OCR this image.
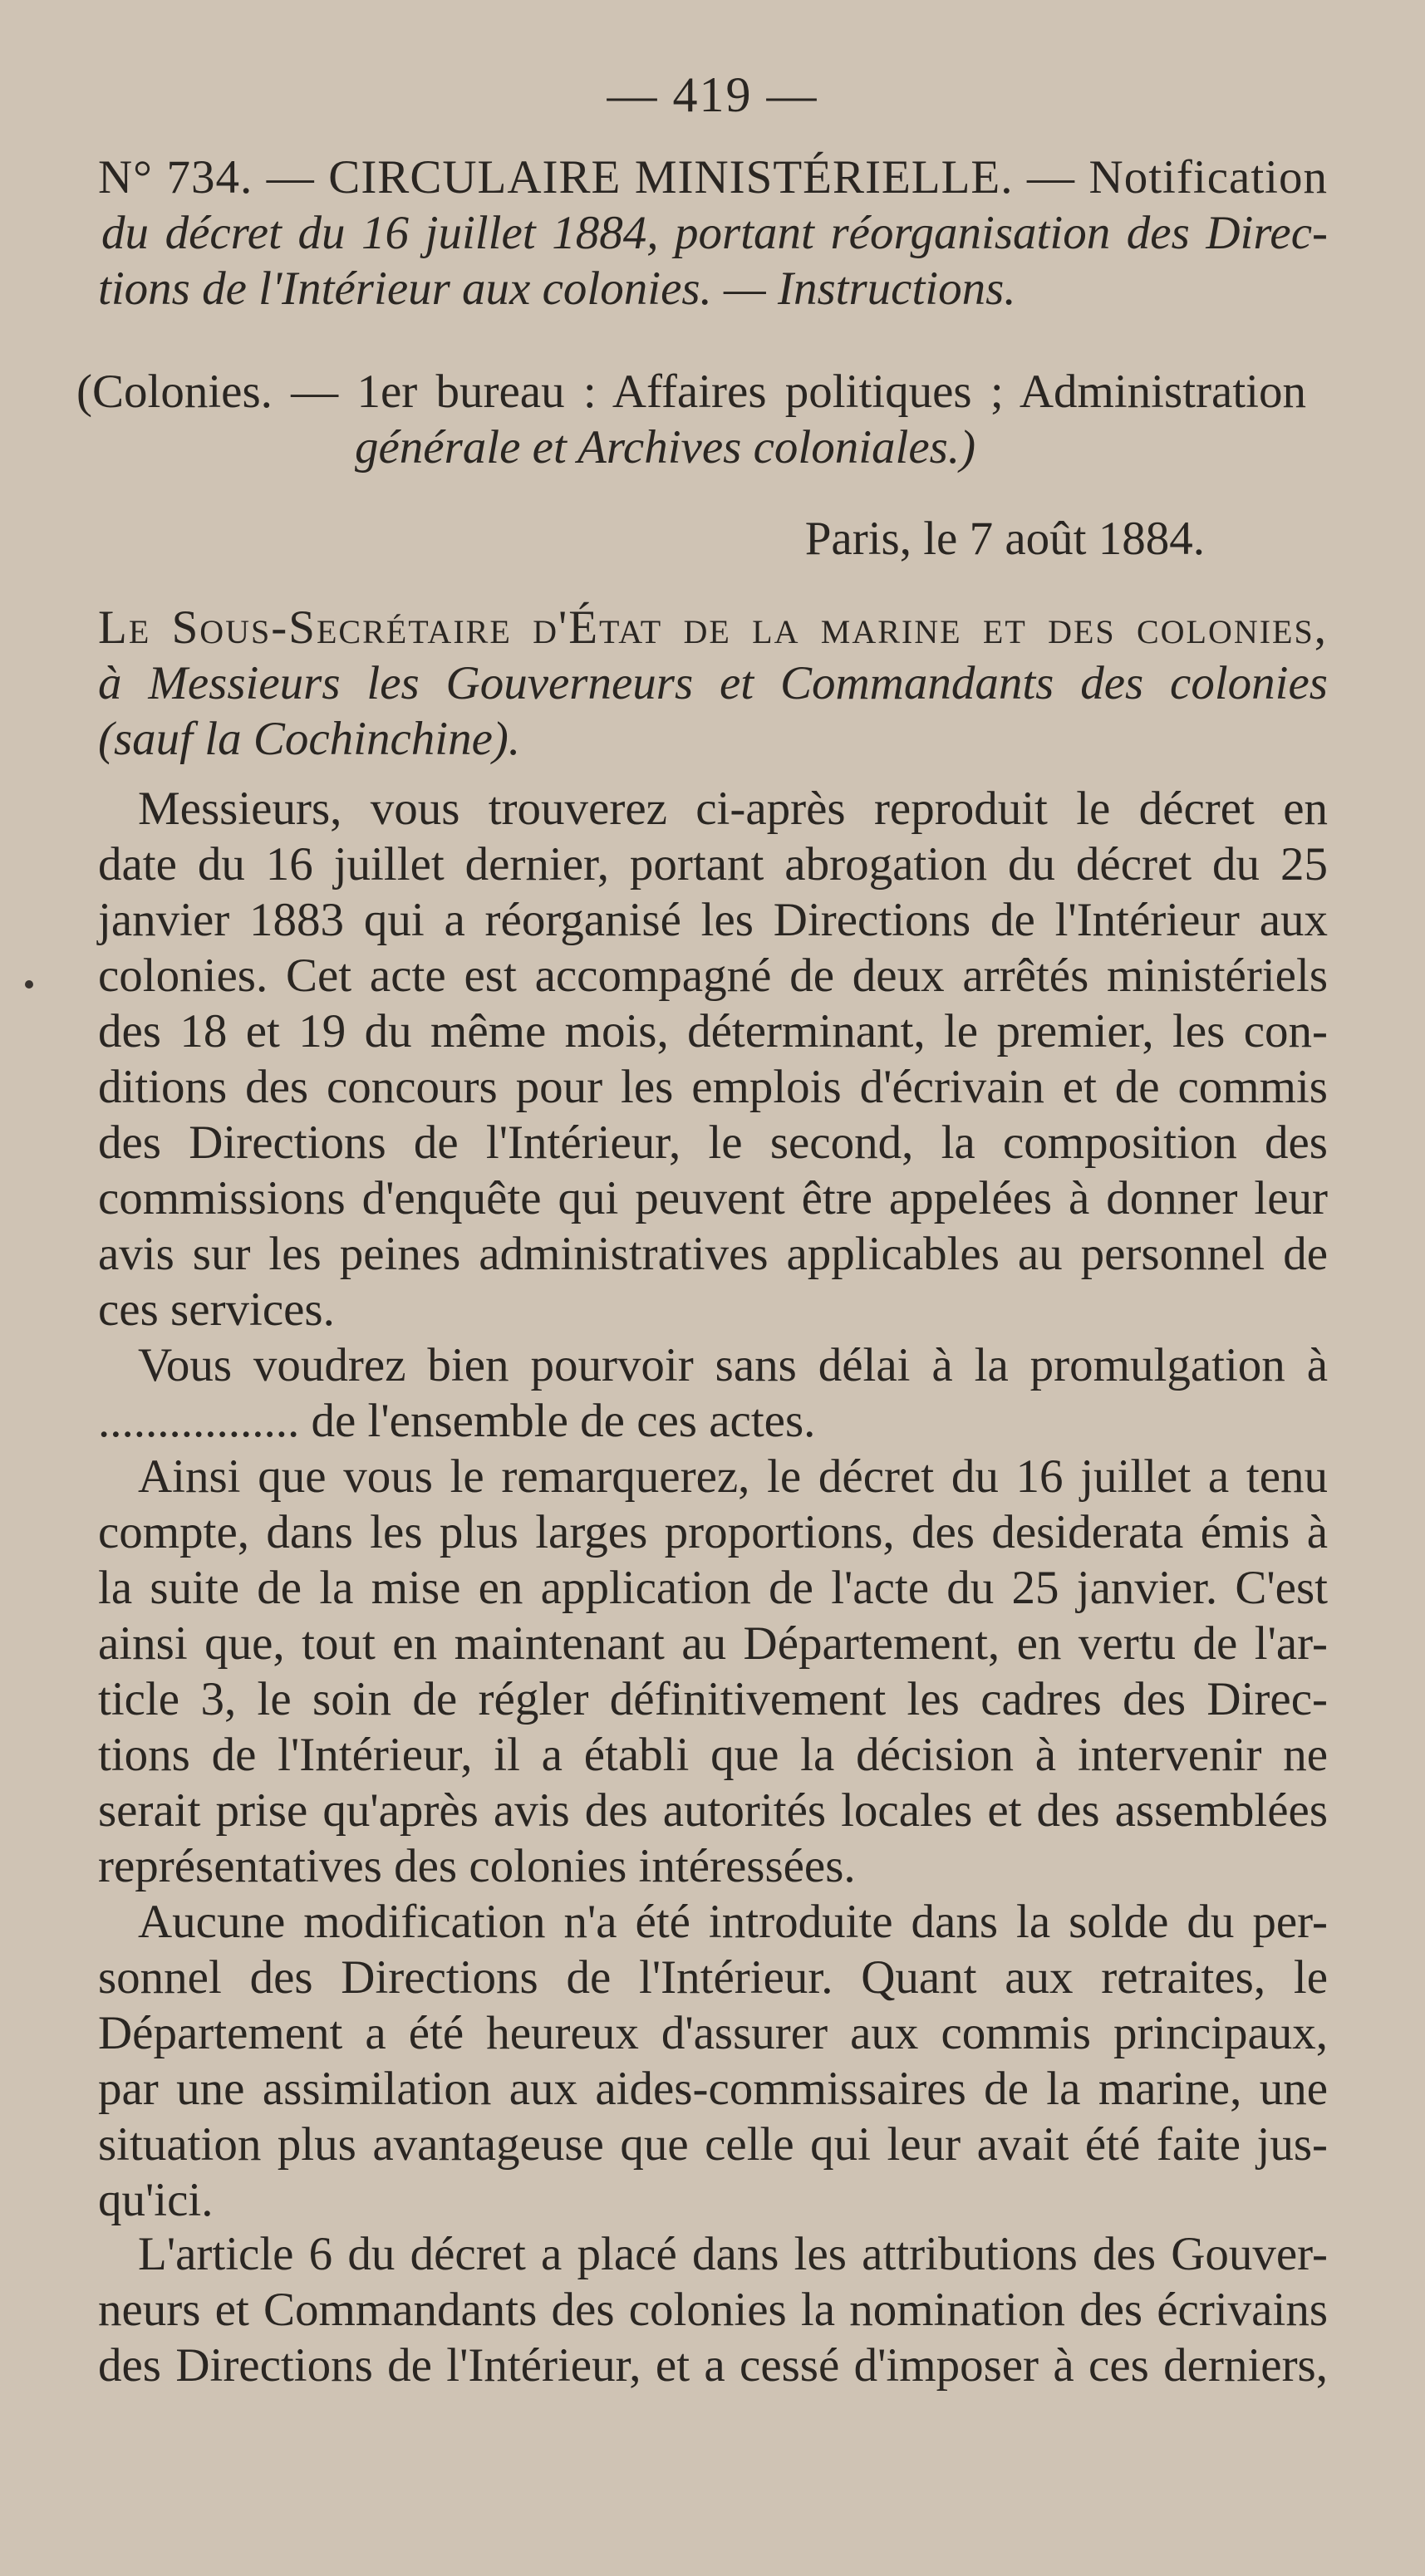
— 419 —
N° 734. — CIRCULAIRE MINISTÉRIELLE. — Notification
du décret du 16 juillet 1884, portant réorganisation des Direc-
tions de l'Intérieur aux colonies. — Instructions.
(Colonies. — 1er bureau : Affaires politiques ; Administration
générale et Archives coloniales.)
Paris, le 7 août 1884.
Le Sous-Secrétaire d'État de la marine et des colonies,
à Messieurs les Gouverneurs et Commandants des colonies
(sauf la Cochinchine).
Messieurs, vous trouverez ci-après reproduit le décret en
date du 16 juillet dernier, portant abrogation du décret du 25
janvier 1883 qui a réorganisé les Directions de l'Intérieur aux
colonies. Cet acte est accompagné de deux arrêtés ministériels
des 18 et 19 du même mois, déterminant, le premier, les con-
ditions des concours pour les emplois d'écrivain et de commis
des Directions de l'Intérieur, le second, la composition des
commissions d'enquête qui peuvent être appelées à donner leur
avis sur les peines administratives applicables au personnel de
ces services.
Vous voudrez bien pourvoir sans délai à la promulgation à
................. de l'ensemble de ces actes.
Ainsi que vous le remarquerez, le décret du 16 juillet a tenu
compte, dans les plus larges proportions, des desiderata émis à
la suite de la mise en application de l'acte du 25 janvier. C'est
ainsi que, tout en maintenant au Département, en vertu de l'ar-
ticle 3, le soin de régler définitivement les cadres des Direc-
tions de l'Intérieur, il a établi que la décision à intervenir ne
serait prise qu'après avis des autorités locales et des assemblées
représentatives des colonies intéressées.
Aucune modification n'a été introduite dans la solde du per-
sonnel des Directions de l'Intérieur. Quant aux retraites, le
Département a été heureux d'assurer aux commis principaux,
par une assimilation aux aides-commissaires de la marine, une
situation plus avantageuse que celle qui leur avait été faite jus-
qu'ici.
L'article 6 du décret a placé dans les attributions des Gouver-
neurs et Commandants des colonies la nomination des écrivains
des Directions de l'Intérieur, et a cessé d'imposer à ces derniers,
